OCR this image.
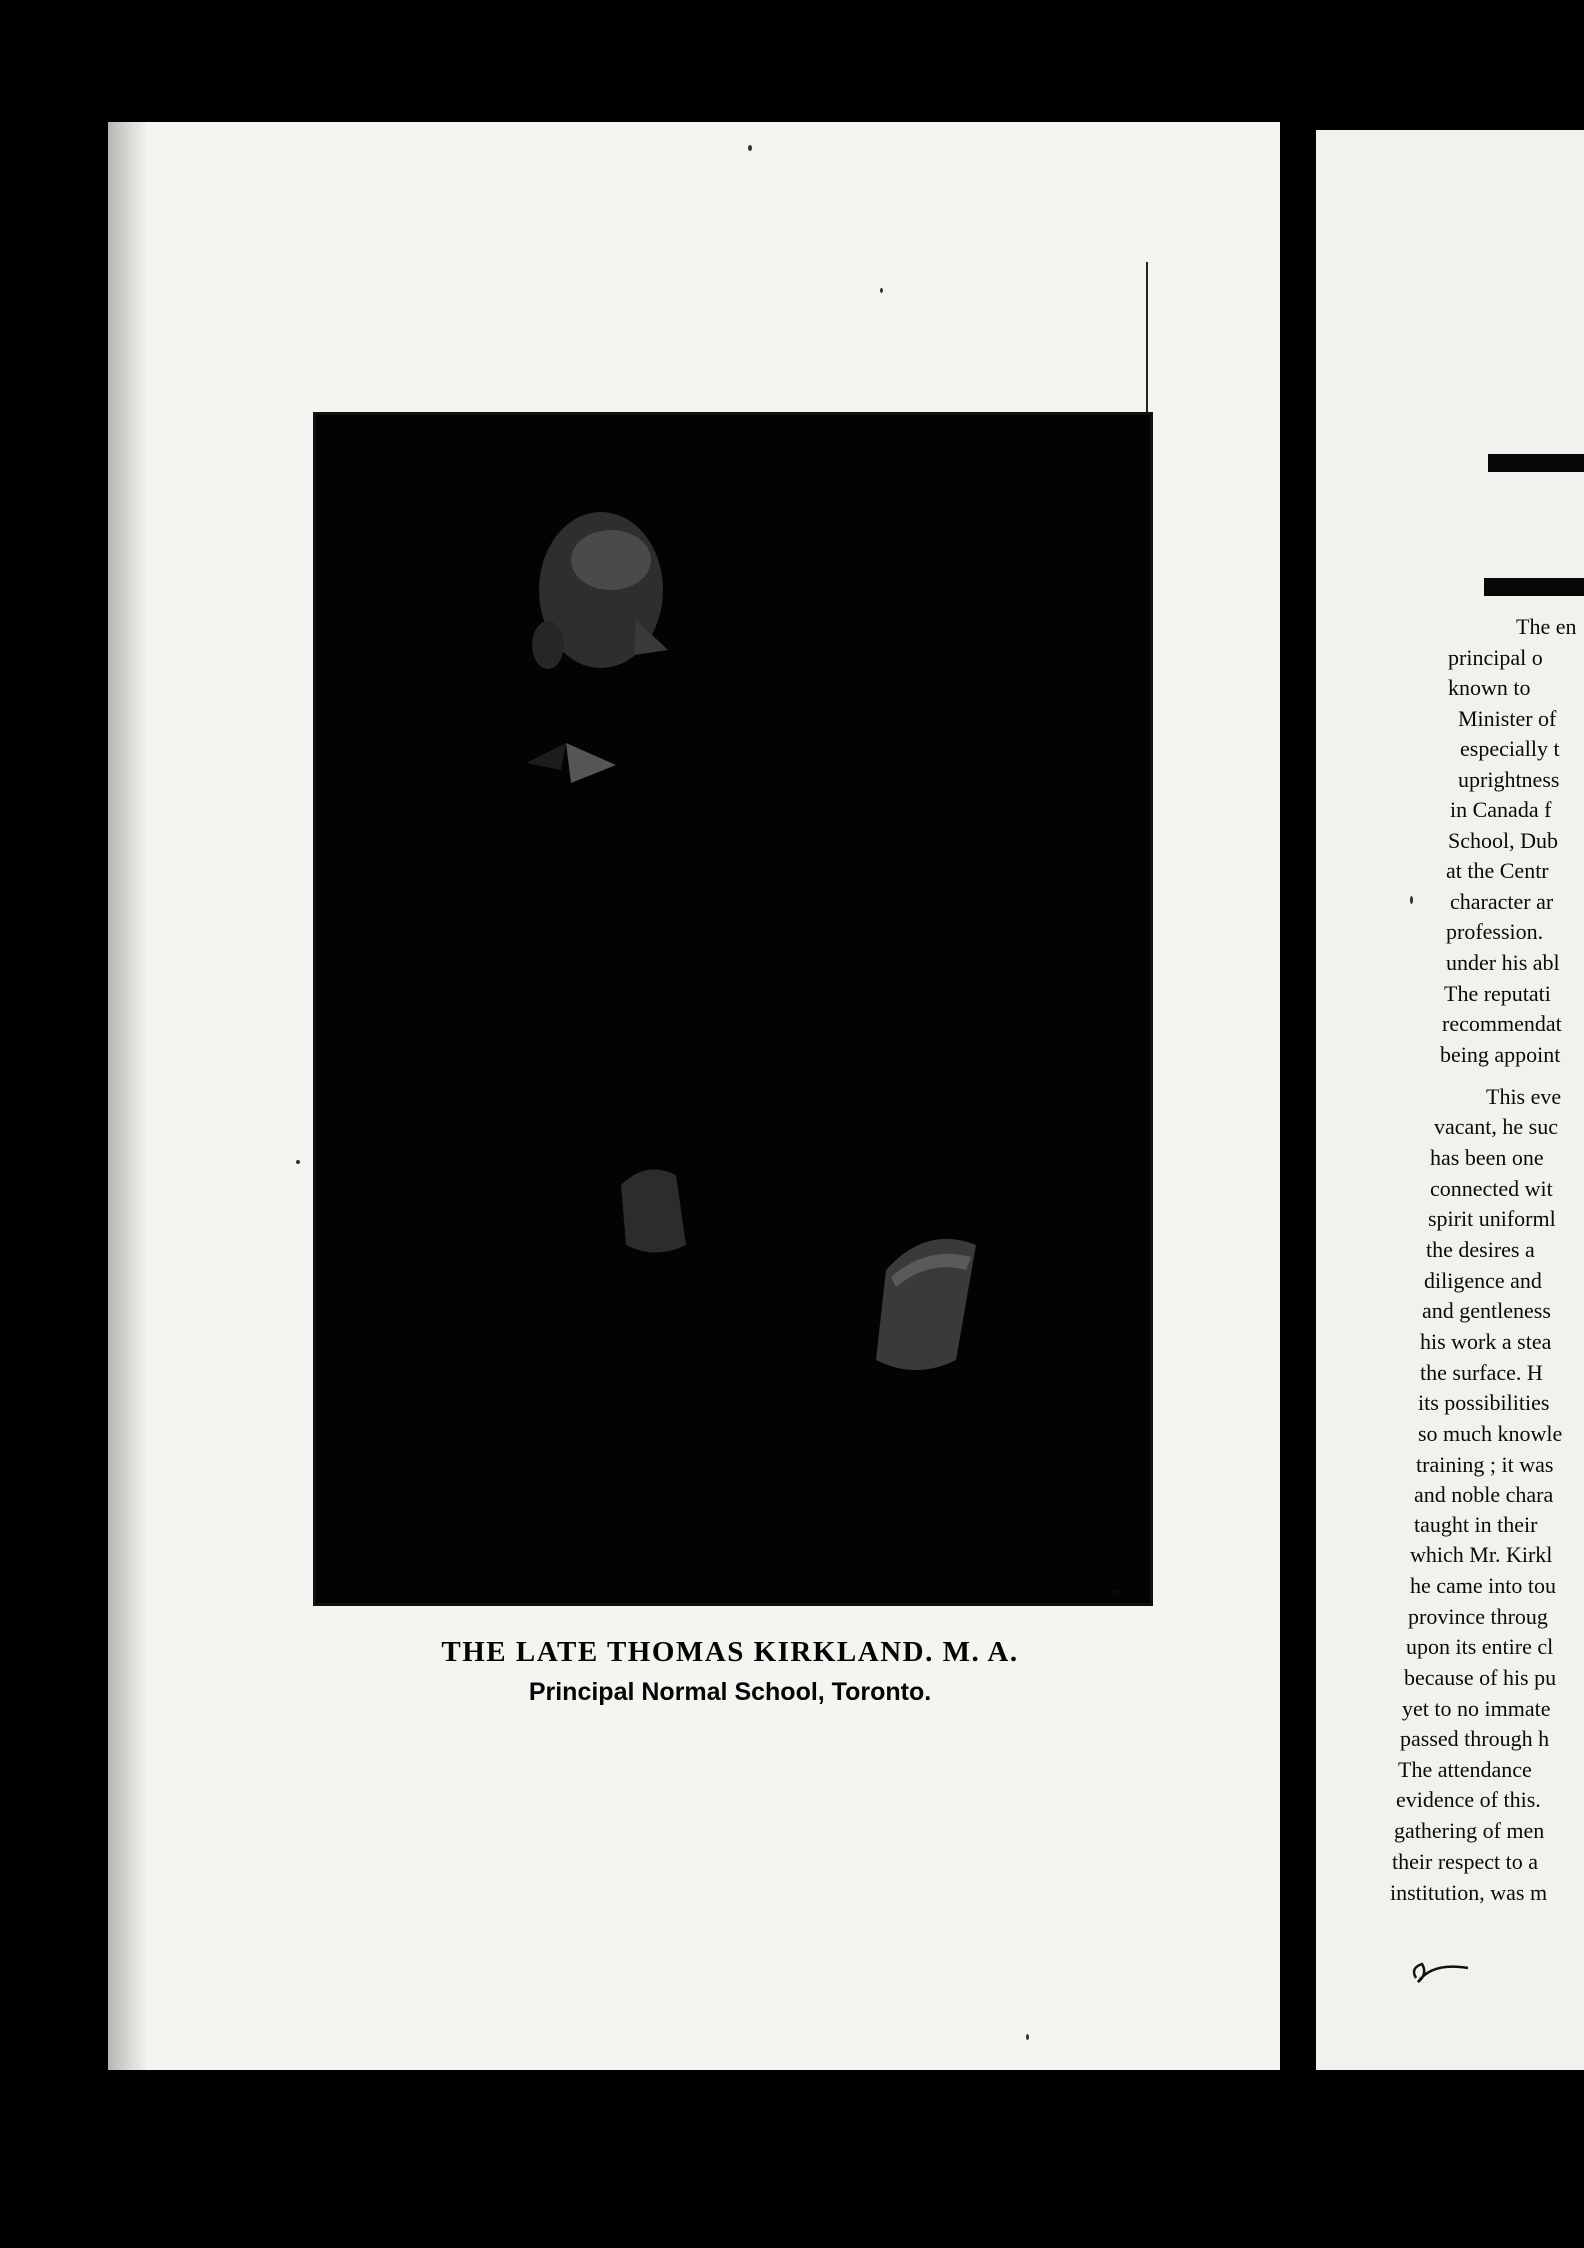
· · · · ·
THE LATE THOMAS KIRKLAND. M. A.
Principal Normal School, Toronto.
The en
principal o
known to
Minister of
especially t
uprightness
in Canada f
School, Dub
at the Centr
character ar
profession.
under his abl
The reputati
recommendat
being appoint
This eve
vacant, he suc
has been one
connected wit
spirit uniforml
the desires a
diligence and
and gentleness
his work a stea
the surface. H
its possibilities
so much knowle
training ; it was
and noble chara
taught in their
which Mr. Kirkl
he came into tou
province throug
upon its entire cl
because of his pu
yet to no immate
passed through h
The attendance
evidence of this.
gathering of men
their respect to a
institution, was m
